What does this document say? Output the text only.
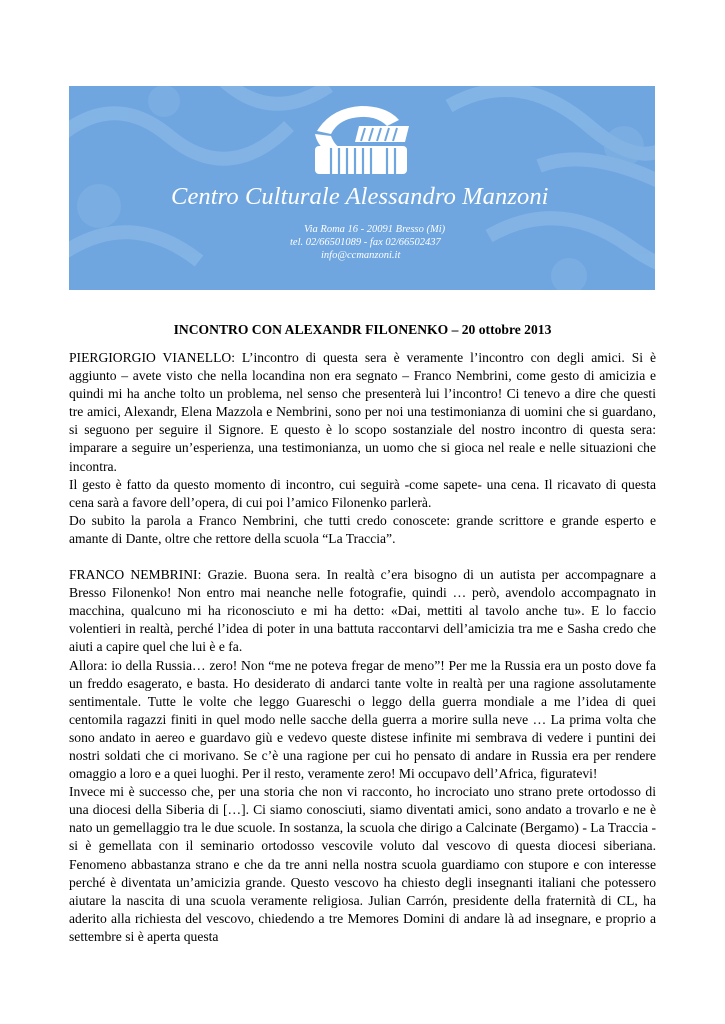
Centro Culturale Alessandro Manzoni
Via Roma 16 - 20091 Bresso (Mi)
tel. 02/66501089 - fax 02/66502437
info@ccmanzoni.it
INCONTRO CON ALEXANDR FILONENKO – 20 ottobre 2013

PIERGIORGIO VIANELLO: L’incontro di questa sera è veramente l’incontro con degli amici. Si è aggiunto – avete visto che nella locandina non era segnato – Franco Nembrini, come gesto di amicizia e quindi mi ha anche tolto un problema, nel senso che presenterà lui l’incontro! Ci tenevo a dire che questi tre amici, Alexandr, Elena Mazzola e Nembrini, sono per noi una testimonianza di uomini che si guardano, si seguono per seguire il Signore. E questo è lo scopo sostanziale del nostro incontro di questa sera: imparare a seguire un’esperienza, una testimonianza, un uomo che si gioca nel reale e nelle situazioni che incontra.

Il gesto è fatto da questo momento di incontro, cui seguirà -come sapete- una cena. Il ricavato di questa cena sarà a favore dell’opera, di cui poi l’amico Filonenko parlerà.

Do subito la parola a Franco Nembrini, che tutti credo conoscete: grande scrittore e grande esperto e amante di Dante, oltre che rettore della scuola “La Traccia”.

FRANCO NEMBRINI: Grazie. Buona sera. In realtà c’era bisogno di un autista per accompagnare a Bresso Filonenko! Non entro mai neanche nelle fotografie, quindi … però, avendolo accompagnato in macchina, qualcuno mi ha riconosciuto e mi ha detto: «Dai, mettiti al tavolo anche tu». E lo faccio volentieri in realtà, perché l’idea di poter in una battuta raccontarvi dell’amicizia tra me e Sasha credo che aiuti a capire quel che lui è e fa.

Allora: io della Russia… zero! Non “me ne poteva fregar de meno”! Per me la Russia era un posto dove fa un freddo esagerato, e basta. Ho desiderato di andarci tante volte in realtà per una ragione assolutamente sentimentale. Tutte le volte che leggo Guareschi o leggo della guerra mondiale a me l’idea di quei centomila ragazzi finiti in quel modo nelle sacche della guerra a morire sulla neve … La prima volta che sono andato in aereo e guardavo giù e vedevo queste distese infinite mi sembrava di vedere i puntini dei nostri soldati che ci morivano. Se c’è una ragione per cui ho pensato di andare in Russia era per rendere omaggio a loro e a quei luoghi. Per il resto, veramente zero! Mi occupavo dell’Africa, figuratevi!

Invece mi è successo che, per una storia che non vi racconto, ho incrociato uno strano prete ortodosso di una diocesi della Siberia di […]. Ci siamo conosciuti, siamo diventati amici, sono andato a trovarlo e ne è nato un gemellaggio tra le due scuole. In sostanza, la scuola che dirigo a Calcinate (Bergamo) - La Traccia - si è gemellata con il seminario ortodosso vescovile voluto dal vescovo di questa diocesi siberiana. Fenomeno abbastanza strano e che da tre anni nella nostra scuola guardiamo con stupore e con interesse perché è diventata un’amicizia grande. Questo vescovo ha chiesto degli insegnanti italiani che potessero aiutare la nascita di una scuola veramente religiosa. Julian Carrón, presidente della fraternità di CL, ha aderito alla richiesta del vescovo, chiedendo a tre Memores Domini di andare là ad insegnare, e proprio a settembre si è aperta questa
